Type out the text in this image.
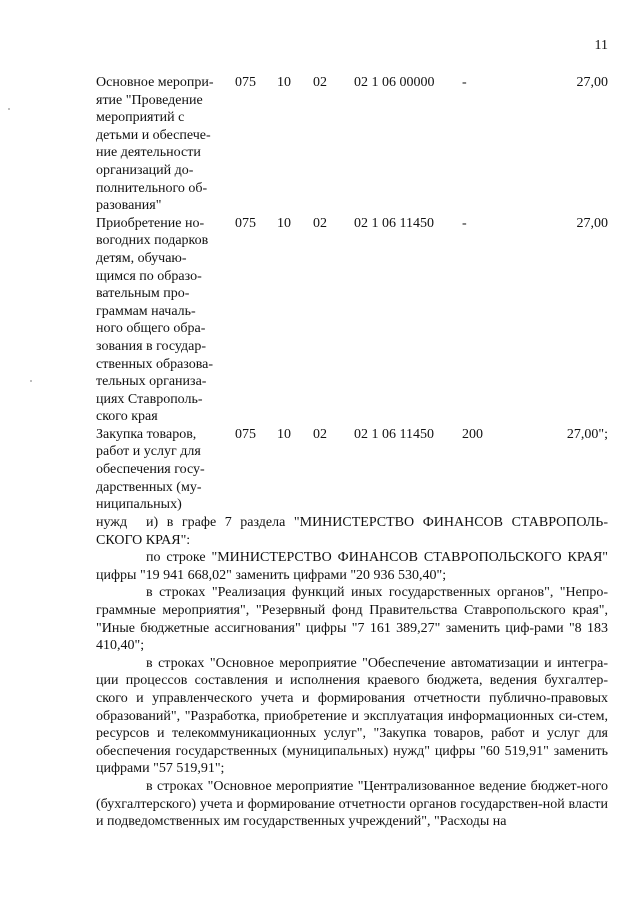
11
Основное меропри-
ятие "Проведение
мероприятий с
детьми и обеспече-
ние деятельности
организаций до-
полнительного об-
разования"
075 10 02 02 1 06 00000 -	27,00
Приобретение но-
вогодних подарков
детям, обучаю-
щимся по образо-
вательным про-
граммам началь-
ного общего обра-
зования в государ-
ственных образова-
тельных организа-
циях Ставрополь-
ского края
075 10 02 02 1 06 11450 -	27,00
Закупка товаров,
работ и услуг для
обеспечения госу-
дарственных (му-
ниципальных)
нужд
075 10 02 02 1 06 11450 200	27,00";

и) в графе 7 раздела "МИНИСТЕРСТВО ФИНАНСОВ СТАВРОПОЛЬ-СКОГО КРАЯ":

по строке "МИНИСТЕРСТВО ФИНАНСОВ СТАВРОПОЛЬСКОГО КРАЯ" цифры "19 941 668,02" заменить цифрами "20 936 530,40";

в строках "Реализация функций иных государственных органов", "Непро-граммные мероприятия", "Резервный фонд Правительства Ставропольского края", "Иные бюджетные ассигнования" цифры "7 161 389,27" заменить циф-рами "8 183 410,40";

в строках "Основное мероприятие "Обеспечение автоматизации и интегра-ции процессов составления и исполнения краевого бюджета, ведения бухгалтер-ского и управленческого учета и формирования отчетности публично-правовых образований", "Разработка, приобретение и эксплуатация информационных си-стем, ресурсов и телекоммуникационных услуг", "Закупка товаров, работ и услуг для обеспечения государственных (муниципальных) нужд" цифры "60 519,91" заменить цифрами "57 519,91";

в строках "Основное мероприятие "Централизованное ведение бюджет-ного (бухгалтерского) учета и формирование отчетности органов государствен-ной власти и подведомственных им государственных учреждений", "Расходы на
